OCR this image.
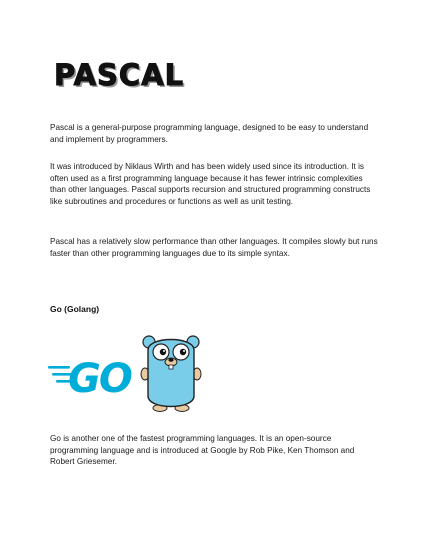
PASCAL

Pascal is a general-purpose programming language, designed to be easy to understand and implement by programmers.

It was introduced by Niklaus Wirth and has been widely used since its introduction. It is often used as a first programming language because it has fewer intrinsic complexities than other languages. Pascal supports recursion and structured programming constructs like subroutines and procedures or functions as well as unit testing.

Pascal has a relatively slow performance than other languages. It compiles slowly but runs faster than other programming languages due to its simple syntax.

Go (Golang)
GO

Go is another one of the fastest programming languages. It is an open-source programming language and is introduced at Google by Rob Pike, Ken Thomson and Robert Griesemer.
